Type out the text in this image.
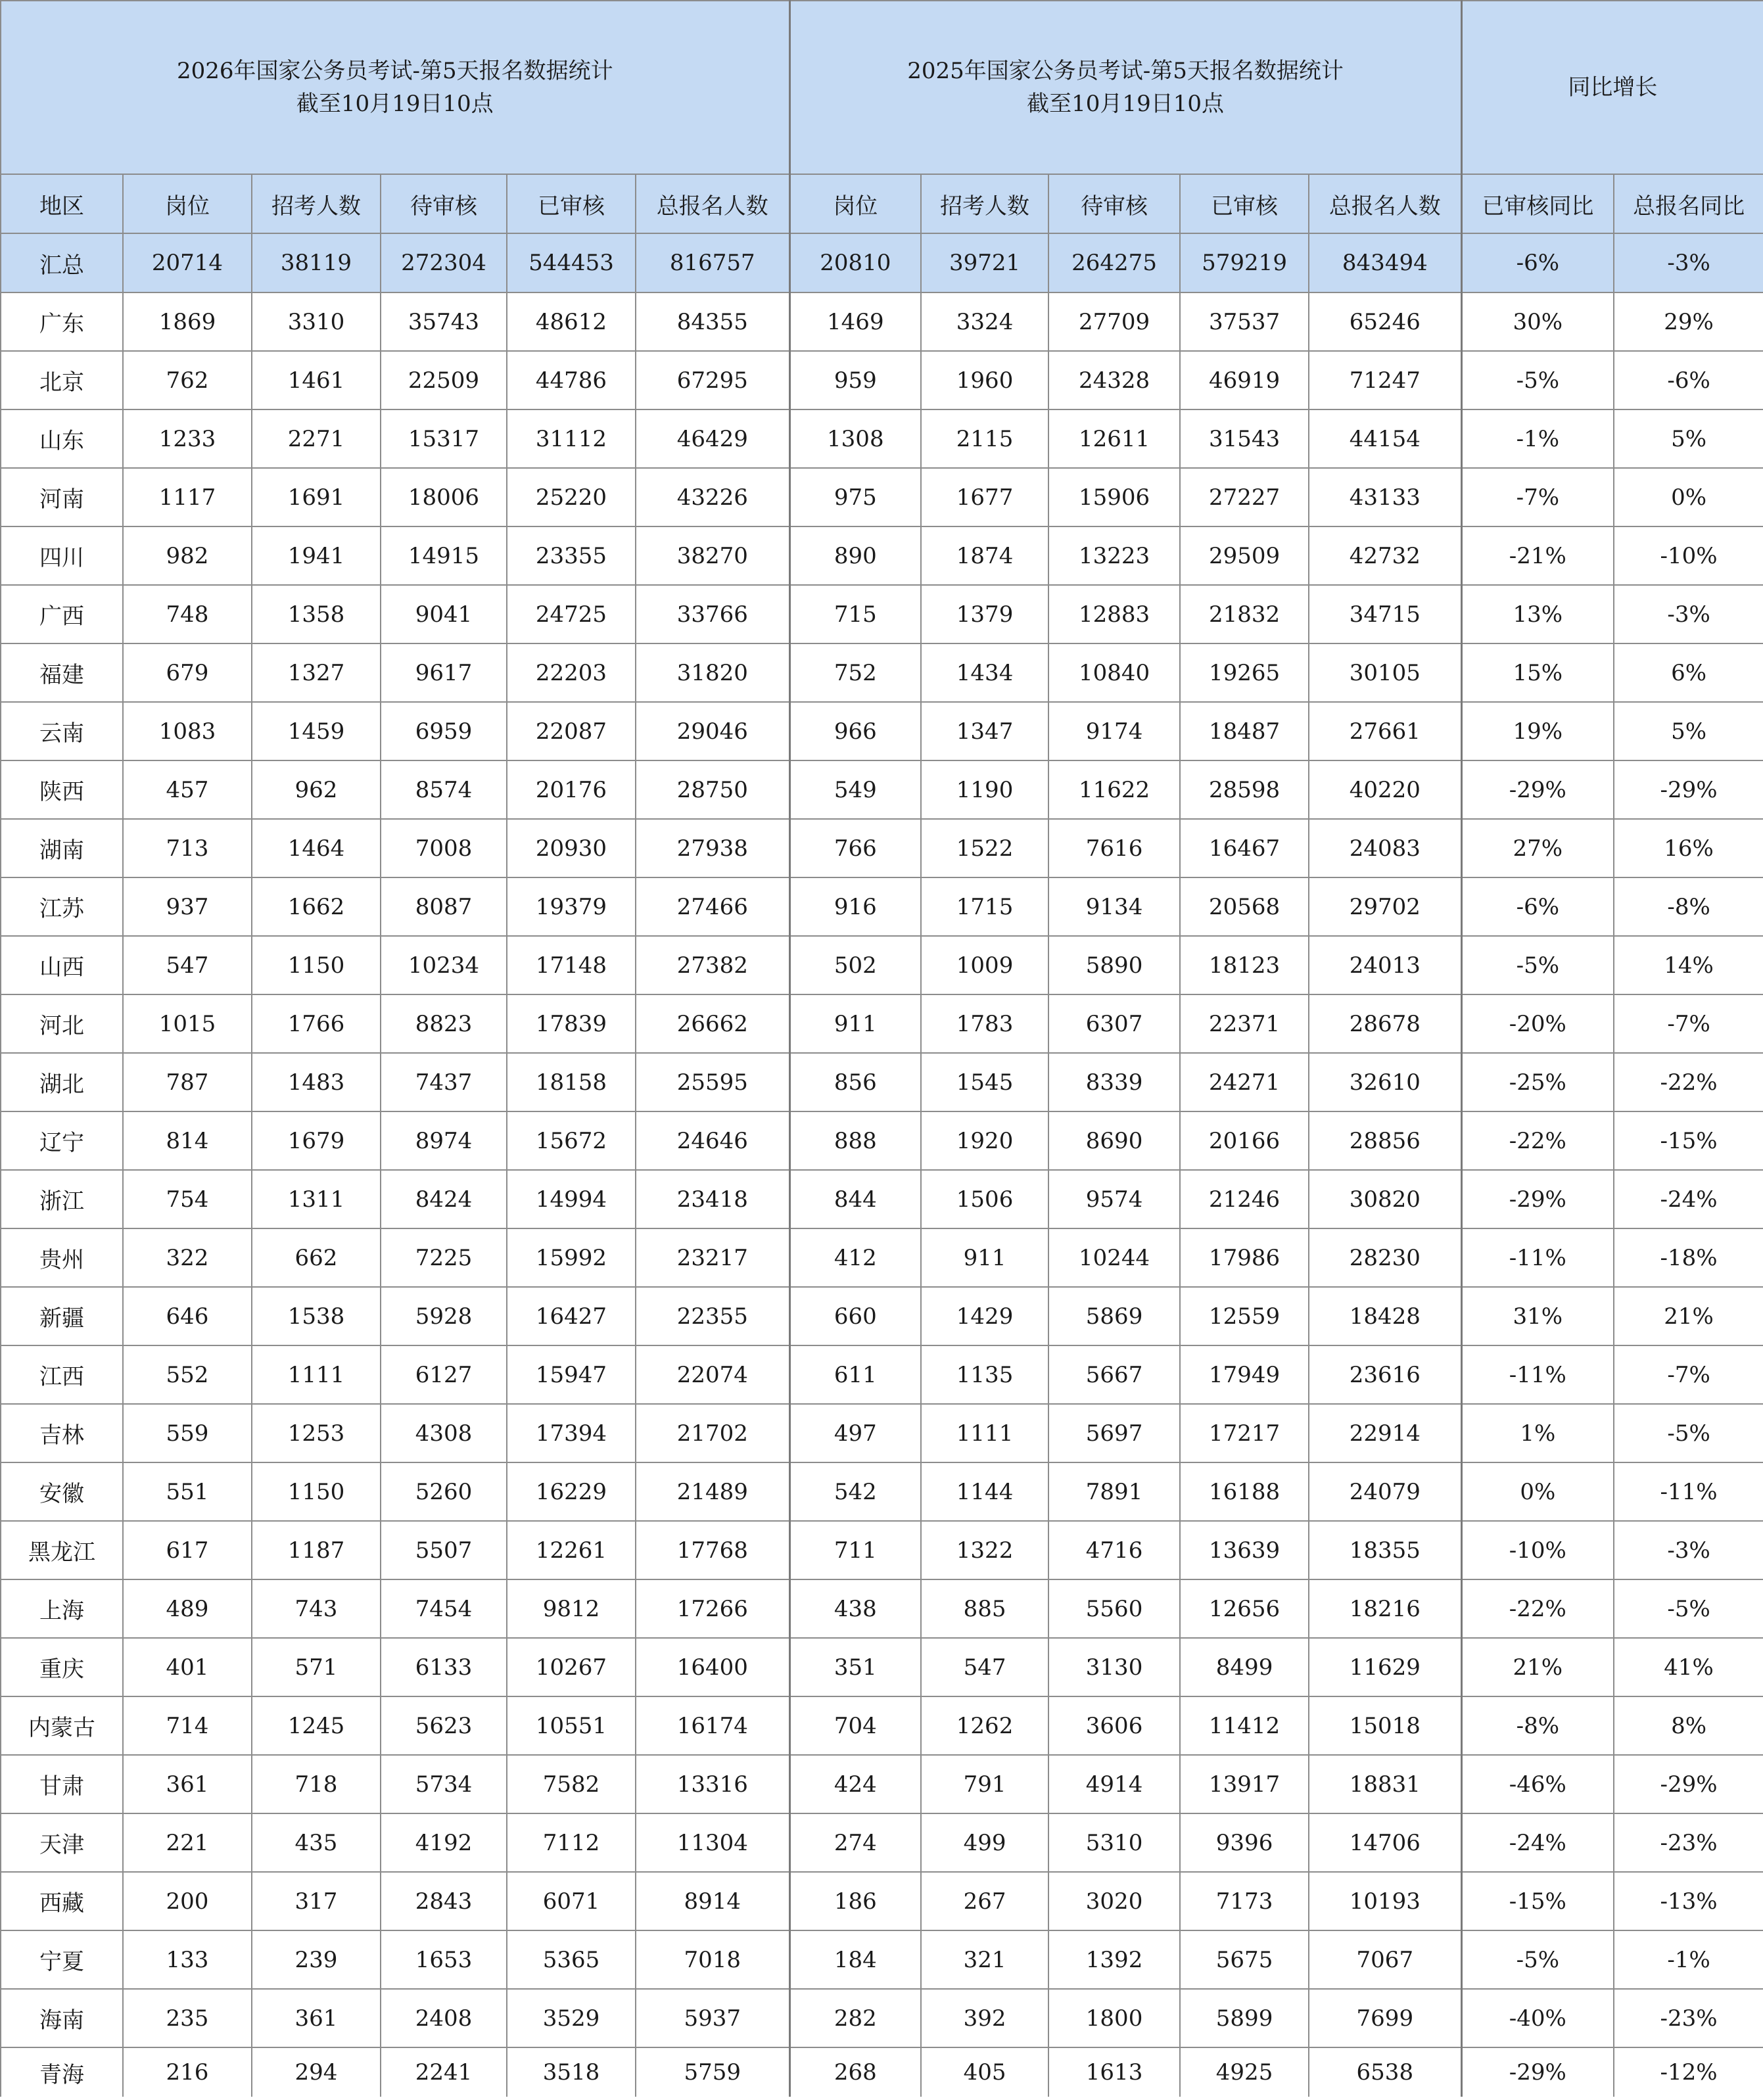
2026年国家公务员考试-第5天报名数据统计
截至10月19日10点						2025年国家公务员考试-第5天报名数据统计
截至10月19日10点					同比增长	

地区	岗位	招考人数	待审核	已审核	总报名人数	岗位	招考人数	待审核	已审核	总报名人数	已审核同比	总报名同比
汇总	20714	38119	272304	544453	816757	20810	39721	264275	579219	843494	-6%	-3%
广东	1869	3310	35743	48612	84355	1469	3324	27709	37537	65246	30%	29%
北京	762	1461	22509	44786	67295	959	1960	24328	46919	71247	-5%	-6%
山东	1233	2271	15317	31112	46429	1308	2115	12611	31543	44154	-1%	5%
河南	1117	1691	18006	25220	43226	975	1677	15906	27227	43133	-7%	0%
四川	982	1941	14915	23355	38270	890	1874	13223	29509	42732	-21%	-10%
广西	748	1358	9041	24725	33766	715	1379	12883	21832	34715	13%	-3%
福建	679	1327	9617	22203	31820	752	1434	10840	19265	30105	15%	6%
云南	1083	1459	6959	22087	29046	966	1347	9174	18487	27661	19%	5%
陕西	457	962	8574	20176	28750	549	1190	11622	28598	40220	-29%	-29%
湖南	713	1464	7008	20930	27938	766	1522	7616	16467	24083	27%	16%
江苏	937	1662	8087	19379	27466	916	1715	9134	20568	29702	-6%	-8%
山西	547	1150	10234	17148	27382	502	1009	5890	18123	24013	-5%	14%
河北	1015	1766	8823	17839	26662	911	1783	6307	22371	28678	-20%	-7%
湖北	787	1483	7437	18158	25595	856	1545	8339	24271	32610	-25%	-22%
辽宁	814	1679	8974	15672	24646	888	1920	8690	20166	28856	-22%	-15%
浙江	754	1311	8424	14994	23418	844	1506	9574	21246	30820	-29%	-24%
贵州	322	662	7225	15992	23217	412	911	10244	17986	28230	-11%	-18%
新疆	646	1538	5928	16427	22355	660	1429	5869	12559	18428	31%	21%
江西	552	1111	6127	15947	22074	611	1135	5667	17949	23616	-11%	-7%
吉林	559	1253	4308	17394	21702	497	1111	5697	17217	22914	1%	-5%
安徽	551	1150	5260	16229	21489	542	1144	7891	16188	24079	0%	-11%
黑龙江	617	1187	5507	12261	17768	711	1322	4716	13639	18355	-10%	-3%
上海	489	743	7454	9812	17266	438	885	5560	12656	18216	-22%	-5%
重庆	401	571	6133	10267	16400	351	547	3130	8499	11629	21%	41%
内蒙古	714	1245	5623	10551	16174	704	1262	3606	11412	15018	-8%	8%
甘肃	361	718	5734	7582	13316	424	791	4914	13917	18831	-46%	-29%
天津	221	435	4192	7112	11304	274	499	5310	9396	14706	-24%	-23%
西藏	200	317	2843	6071	8914	186	267	3020	7173	10193	-15%	-13%
宁夏	133	239	1653	5365	7018	184	321	1392	5675	7067	-5%	-1%
海南	235	361	2408	3529	5937	282	392	1800	5899	7699	-40%	-23%
青海	216	294	2241	3518	5759	268	405	1613	4925	6538	-29%	-12%
